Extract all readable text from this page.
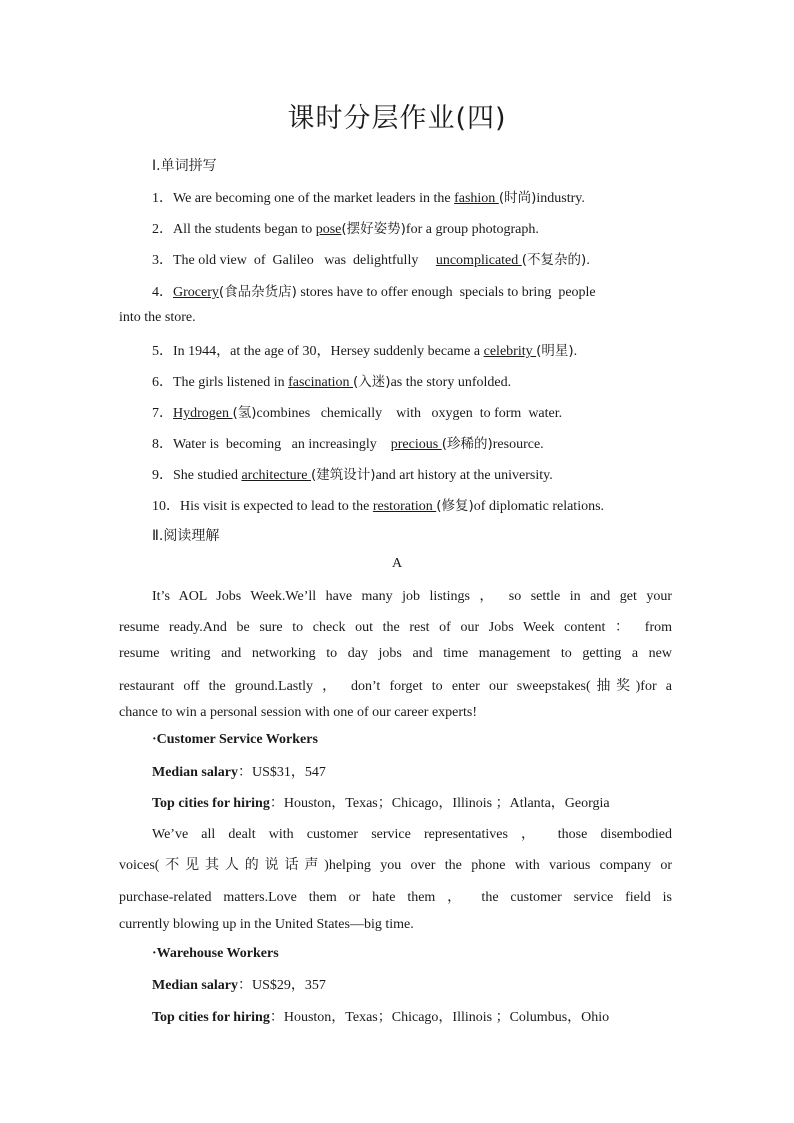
课时分层作业(四)
Ⅰ.单词拼写
1．We are becoming one of the market leaders in the fashion (时尚)industry.
2．All the students began to pose(摆好姿势)for a group photograph.
3．The old view  of  Galileo   was  delightfully     uncomplicated (不复杂的).
4．Grocery(食品杂货店) stores have to offer enough  specials to bring  people
into the store.
5．In 1944，at the age of 30，Hersey suddenly became a celebrity (明星).
6．The girls listened in fascination (入迷)as the story unfolded.
7．Hydrogen (氢)combines   chemically    with   oxygen  to form  water.
8．Water is  becoming   an increasingly    precious (珍稀的)resource.
9．She studied architecture (建筑设计)and art history at the university.
10．His visit is expected to lead to the restoration (修复)of diplomatic relations.
Ⅱ.阅读理解
A
It’s AOL Jobs Week.We’ll have many job listings ， so settle in and get your
resume ready.And be sure to check out the rest of our Jobs Week content ： from
resume writing and networking to day jobs and time management to getting a new
restaurant off the ground.Lastly ， don’t forget to enter our sweepstakes(抽奖)for a
chance to win a personal session with one of our career experts!
·Customer Service Workers
Median salary：US$31，547
Top cities for hiring：Houston，Texas；Chicago，Illinois ；Atlanta，Georgia
We’ve all dealt with customer service representatives ， those disembodied
voices(不见其人的说话声)helping you over the phone with various company or
purchase-related matters.Love them or hate them ， the customer service field is
currently blowing up in the United States—big time.
·Warehouse Workers
Median salary：US$29，357
Top cities for hiring：Houston，Texas；Chicago，Illinois ；Columbus，Ohio
